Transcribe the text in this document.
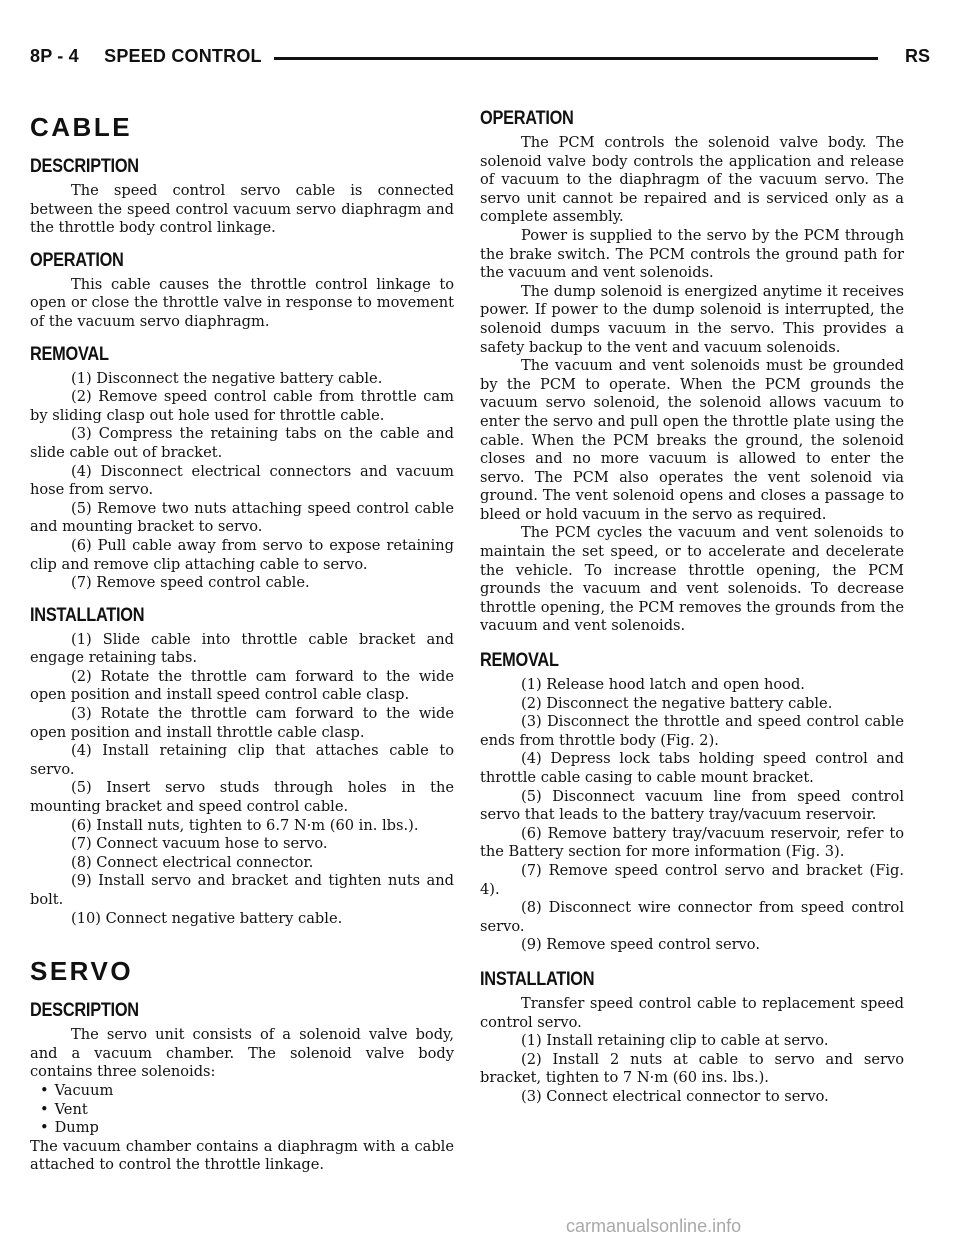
8P - 4 SPEED CONTROL	RS
CABLE
DESCRIPTION

The speed control servo cable is connected between the speed control vacuum servo diaphragm and the throttle body control linkage.

OPERATION

This cable causes the throttle control linkage to open or close the throttle valve in response to movement of the vacuum servo diaphragm.

REMOVAL

(1) Disconnect the negative battery cable.

(2) Remove speed control cable from throttle cam by sliding clasp out hole used for throttle cable.

(3) Compress the retaining tabs on the cable and slide cable out of bracket.

(4) Disconnect electrical connectors and vacuum hose from servo.

(5) Remove two nuts attaching speed control cable and mounting bracket to servo.

(6) Pull cable away from servo to expose retaining clip and remove clip attaching cable to servo.

(7) Remove speed control cable.

INSTALLATION

(1) Slide cable into throttle cable bracket and engage retaining tabs.

(2) Rotate the throttle cam forward to the wide open position and install speed control cable clasp.

(3) Rotate the throttle cam forward to the wide open position and install throttle cable clasp.

(4) Install retaining clip that attaches cable to servo.

(5) Insert servo studs through holes in the mounting bracket and speed control cable.

(6) Install nuts, tighten to 6.7 N·m (60 in. lbs.).

(7) Connect vacuum hose to servo.

(8) Connect electrical connector.

(9) Install servo and bracket and tighten nuts and bolt.

(10) Connect negative battery cable.

SERVO
DESCRIPTION

The servo unit consists of a solenoid valve body, and a vacuum chamber. The solenoid valve body contains three solenoids:

• Vacuum
• Vent
• Dump

The vacuum chamber contains a diaphragm with a cable attached to control the throttle linkage.

OPERATION

The PCM controls the solenoid valve body. The solenoid valve body controls the application and release of vacuum to the diaphragm of the vacuum servo. The servo unit cannot be repaired and is serviced only as a complete assembly.

Power is supplied to the servo by the PCM through the brake switch. The PCM controls the ground path for the vacuum and vent solenoids.

The dump solenoid is energized anytime it receives power. If power to the dump solenoid is interrupted, the solenoid dumps vacuum in the servo. This provides a safety backup to the vent and vacuum solenoids.

The vacuum and vent solenoids must be grounded by the PCM to operate. When the PCM grounds the vacuum servo solenoid, the solenoid allows vacuum to enter the servo and pull open the throttle plate using the cable. When the PCM breaks the ground, the solenoid closes and no more vacuum is allowed to enter the servo. The PCM also operates the vent solenoid via ground. The vent solenoid opens and closes a passage to bleed or hold vacuum in the servo as required.

The PCM cycles the vacuum and vent solenoids to maintain the set speed, or to accelerate and decelerate the vehicle. To increase throttle opening, the PCM grounds the vacuum and vent solenoids. To decrease throttle opening, the PCM removes the grounds from the vacuum and vent solenoids.

REMOVAL

(1) Release hood latch and open hood.

(2) Disconnect the negative battery cable.

(3) Disconnect the throttle and speed control cable ends from throttle body (Fig. 2).

(4) Depress lock tabs holding speed control and throttle cable casing to cable mount bracket.

(5) Disconnect vacuum line from speed control servo that leads to the battery tray/vacuum reservoir.

(6) Remove battery tray/vacuum reservoir, refer to the Battery section for more information (Fig. 3).

(7) Remove speed control servo and bracket (Fig. 4).

(8) Disconnect wire connector from speed control servo.

(9) Remove speed control servo.

INSTALLATION

Transfer speed control cable to replacement speed control servo.

(1) Install retaining clip to cable at servo.

(2) Install 2 nuts at cable to servo and servo bracket, tighten to 7 N·m (60 ins. lbs.).

(3) Connect electrical connector to servo.

carmanualsonline.info
